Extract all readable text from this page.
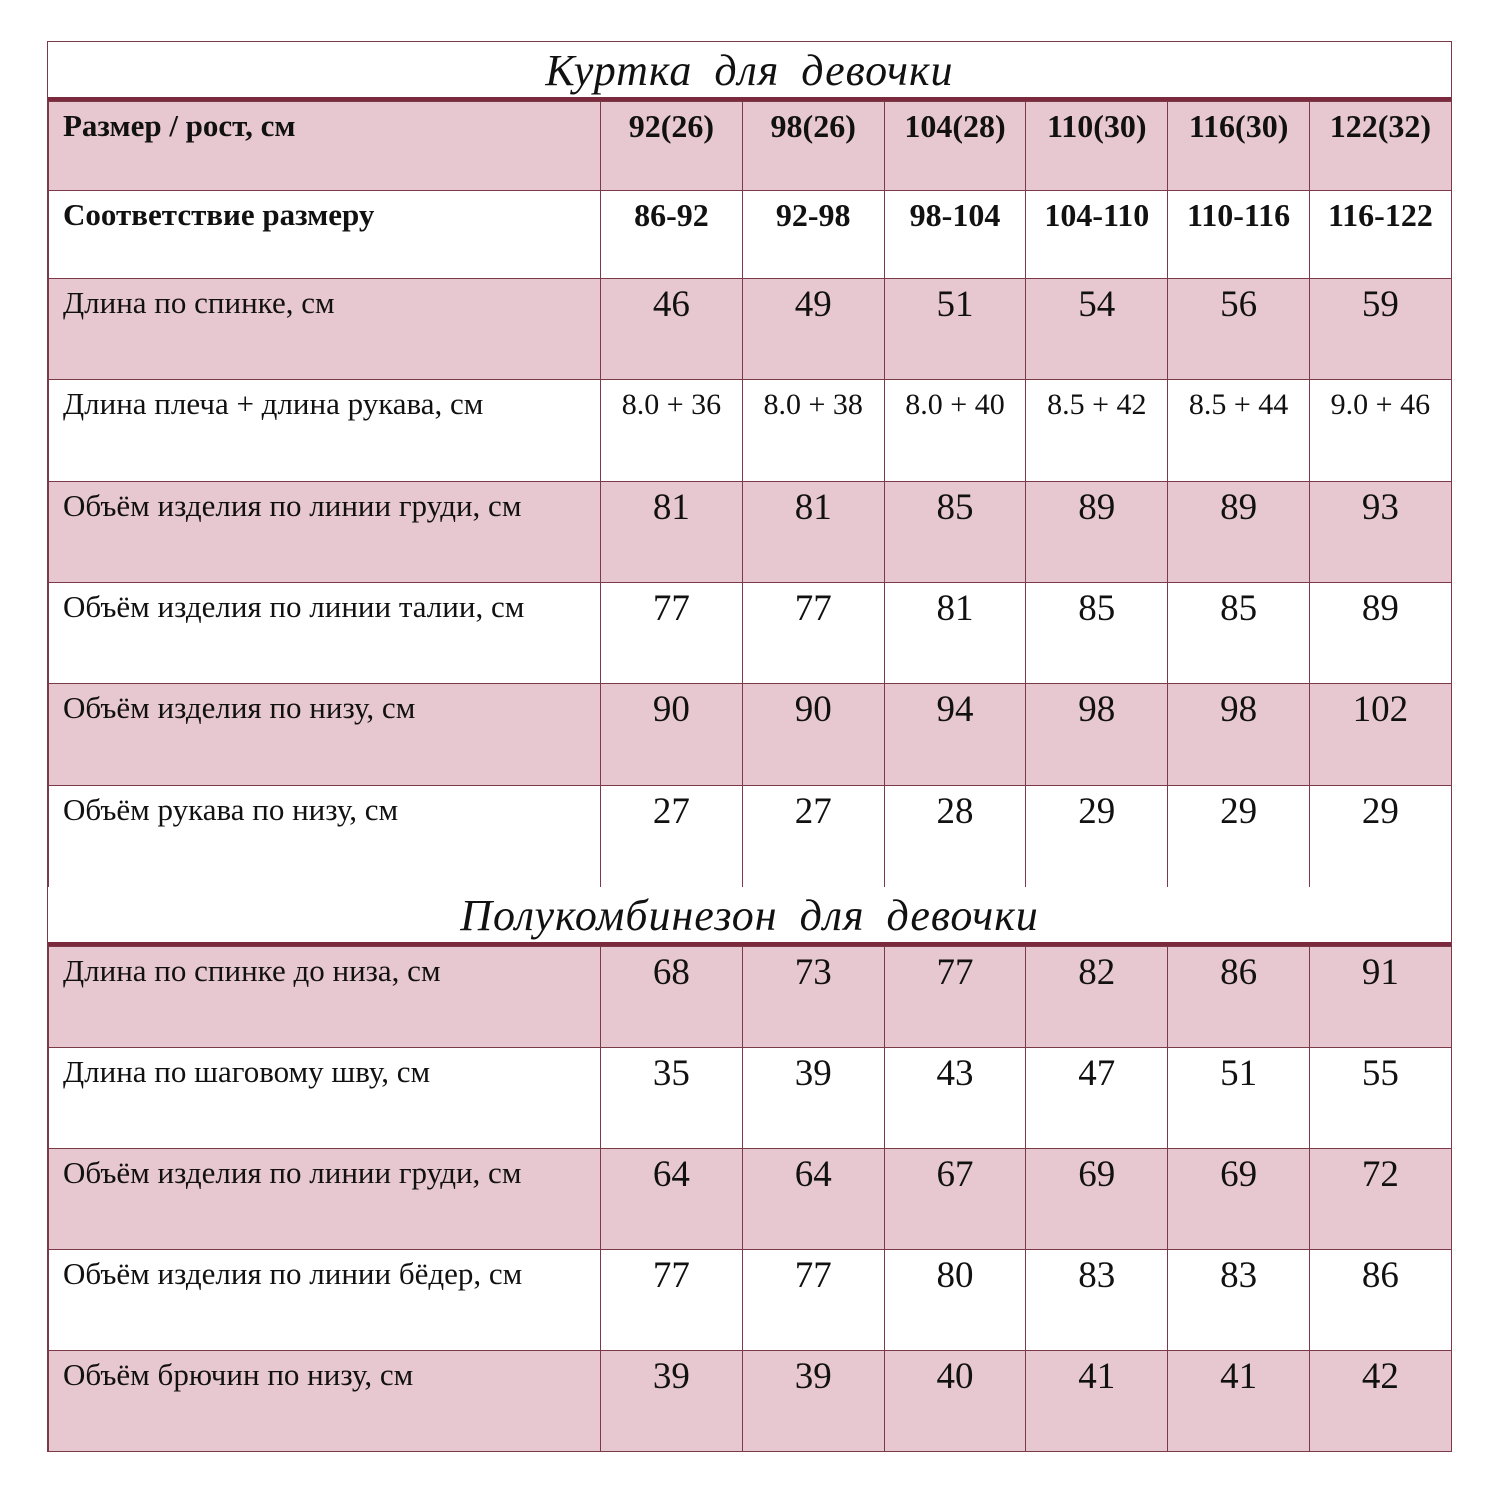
Куртка для девочки
Размер / рост, см	92(26)	98(26)	104(28)	110(30)	116(30)	122(32)
Соответствие размеру	86-92	92-98	98-104	104-110	110-116	116-122
Длина по спинке, см	46	49	51	54	56	59
Длина плеча + длина рукава, см	8.0 + 36	8.0 + 38	8.0 + 40	8.5 + 42	8.5 + 44	9.0 + 46
Объём изделия по линии груди, см	81	81	85	89	89	93
Объём изделия по линии талии, см	77	77	81	85	85	89
Объём изделия по низу, см	90	90	94	98	98	102
Объём рукава по низу, см	27	27	28	29	29	29
Полукомбинезон для девочки
Длина по спинке до низа, см	68	73	77	82	86	91
Длина по шаговому шву, см	35	39	43	47	51	55
Объём изделия по линии груди, см	64	64	67	69	69	72
Объём изделия по линии бёдер, см	77	77	80	83	83	86
Объём брючин по низу, см	39	39	40	41	41	42
